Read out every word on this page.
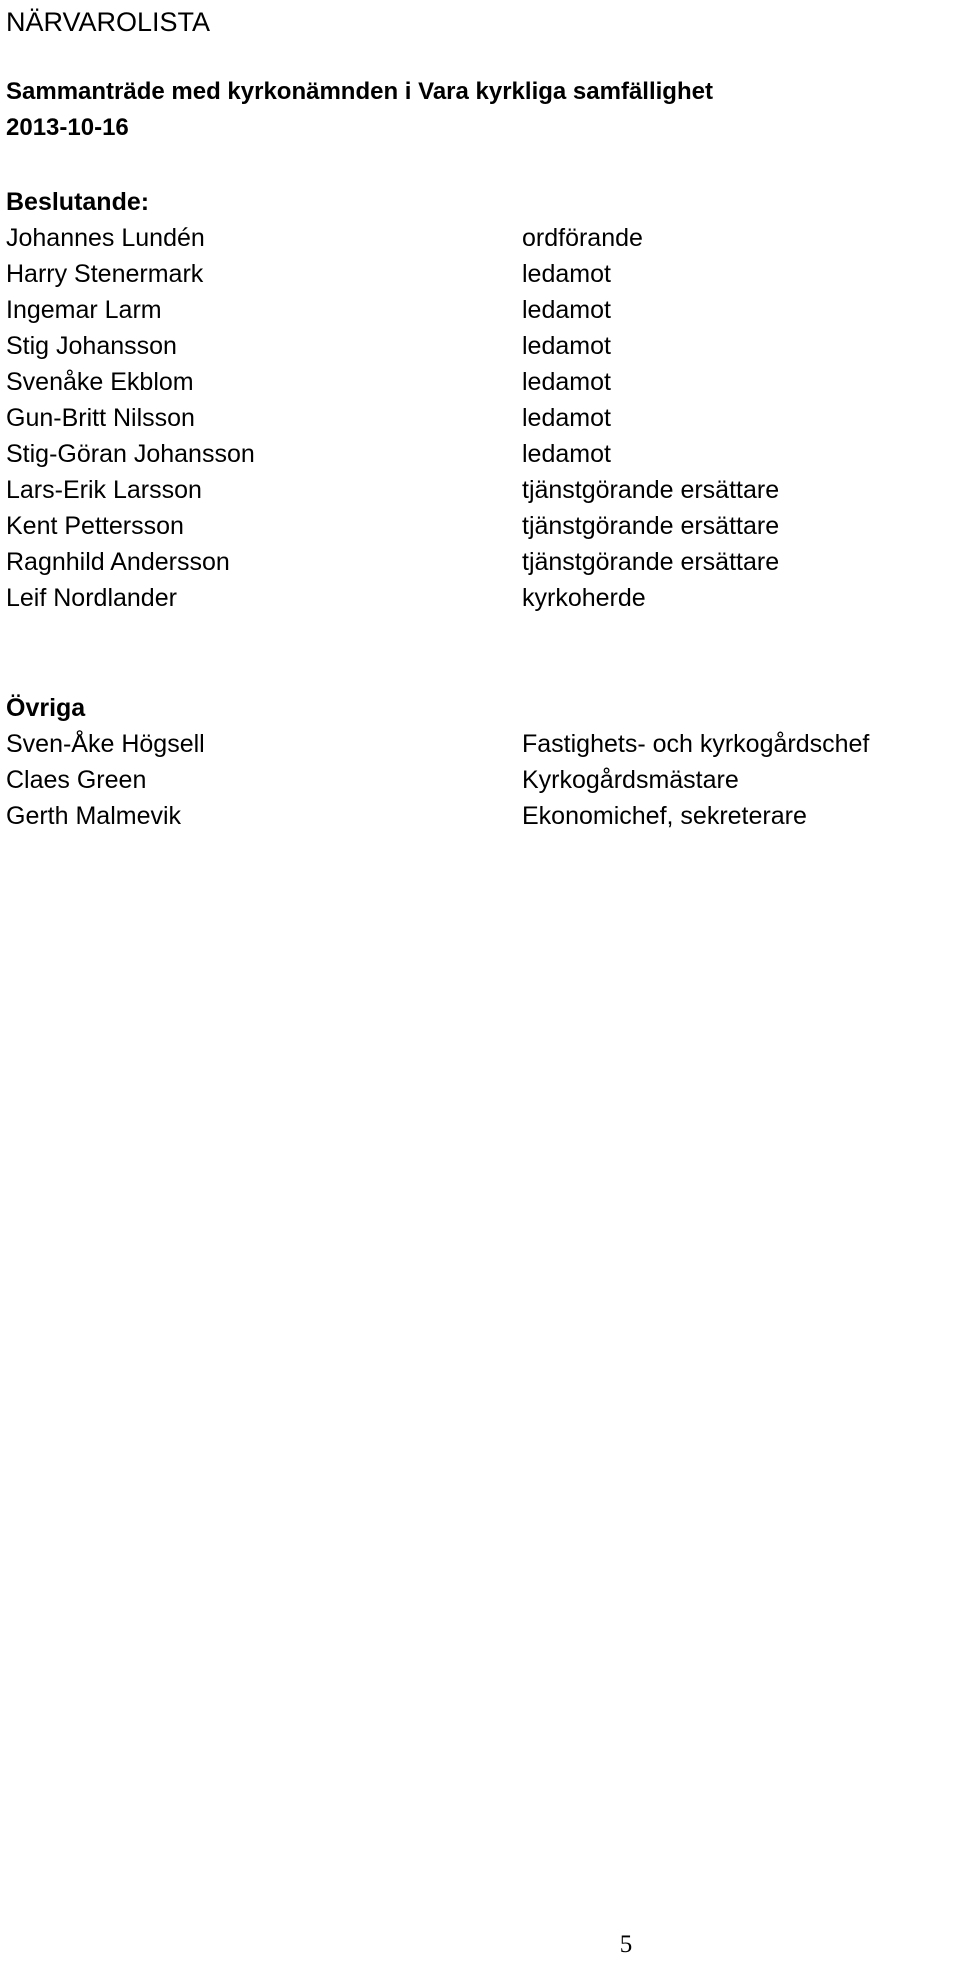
NÄRVAROLISTA
Sammanträde med kyrkonämnden i Vara kyrkliga samfällighet
2013-10-16
Beslutande:
Johannes Lundén	ordförande
Harry Stenermark	ledamot
Ingemar Larm	ledamot
Stig Johansson	ledamot
Svenåke Ekblom	ledamot
Gun-Britt Nilsson	ledamot
Stig-Göran Johansson	ledamot
Lars-Erik Larsson	tjänstgörande ersättare
Kent Pettersson	tjänstgörande ersättare
Ragnhild Andersson	tjänstgörande ersättare
Leif Nordlander	kyrkoherde
Övriga
Sven-Åke Högsell	Fastighets- och kyrkogårdschef
Claes Green	Kyrkogårdsmästare
Gerth Malmevik	Ekonomichef, sekreterare
5
